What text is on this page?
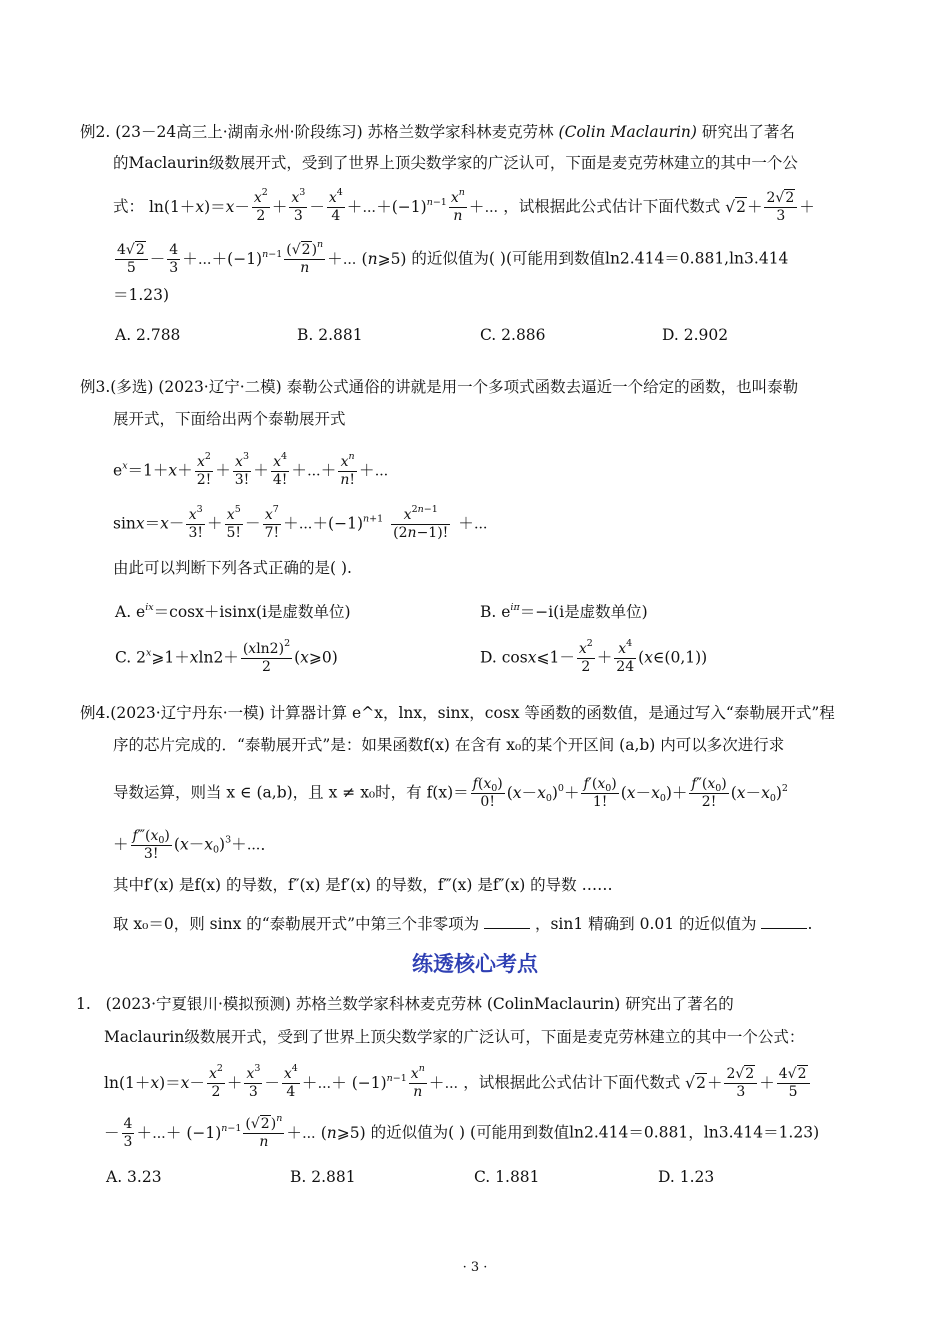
例2. (23－24高三上·湖南永州·阶段练习) 苏格兰数学家科林麦克劳林 (Colin Maclaurin) 研究出了著名
的Maclaurin级数展开式，受到了世界上顶尖数学家的广泛认可，下面是麦克劳林建立的其中一个公
式： $\ln(1+x)=x- \frac{x^2}{2} + \frac{x^3}{3} - \frac{x^4}{4}$ $+\cdots+(-1)^{n-1} \frac{x^n}{n}$ ＋⋯ ，试根据此公式估计下面代数式 $√2+ \frac{2√2}{3}$ ＋
$\frac{4√2}{5} - \frac{4}{3}$ $+\cdots+(-1)^{n-1} \frac{(√2)^n}{n}$ ＋⋯ (n⩾5) 的近似值为( )(可能用到数值ln2.414＝0.881,ln3.414
＝1.23)
A. 2.788	B. 2.881	C. 2.886	D. 2.902
例3.(多选) (2023·辽宁·二模) 泰勒公式通俗的讲就是用一个多项式函数去逼近一个给定的函数，也叫泰勒
展开式，下面给出两个泰勒展开式
$e^x=1+x+ \frac{x^2}{2!} + \frac{x^3}{3!} + \frac{x^4}{4!}$ ＋⋯＋ $\frac{x^n}{n!}$ ＋⋯
$\sin x=x- \frac{x^3}{3!} + \frac{x^5}{5!} - \frac{x^7}{7!}$ $+\cdots+(-1)^{n+1} \frac{x^{2n-1}}{(2n-1)!}$ ＋⋯
由此可以判断下列各式正确的是( ).
A. $e^{ix}=\cos x+isinx(i$是虚数单位)	B. $e^{i\pi}=-i(i$是虚数单位)
C. $2^x⩾1+xln2+ \frac{(xln2)^2}{2}$ (x⩾0)	D. cosx⩽1－ $\frac{x^2}{2} + \frac{x^4}{24}$ (x∈(0,1))
例4.(2023·辽宁丹东·一模) 计算器计算 e^x，lnx，sinx，cosx 等函数的函数值，是通过写入“泰勒展开式”程
序的芯片完成的．“泰勒展开式”是：如果函数f(x) 在含有 x₀的某个开区间 (a,b) 内可以多次进行求
导数运算，则当 x ∈ (a,b)，且 x ≠ x₀时，有 $f(x)= \frac{f(x_0)}{0!} (x-x_0)^0+ \frac{f'(x_0)}{1!} (x-x_0)+ \frac{f''(x_0)}{2!} (x-x_0)^2$
＋ $\frac{f‴(x_0)}{3!}$ $(x-x_0)^3+\cdots$．
其中f′(x) 是f(x) 的导数，f″(x) 是f′(x) 的导数，f‴(x) 是f″(x) 的导数 ……
取 x₀＝0，则 sinx 的“泰勒展开式”中第三个非零项为	，sin1 精确到 0.01 的近似值为	.
练透核心考点
1. (2023·宁夏银川·模拟预测) 苏格兰数学家科林麦克劳林 (ColinMaclaurin) 研究出了著名的
Maclaurin级数展开式，受到了世界上顶尖数学家的广泛认可，下面是麦克劳林建立的其中一个公式：
$\ln(1+x)=x- \frac{x^2}{2} + \frac{x^3}{3} - \frac{x^4}{4}$ ＋⋯＋ $(-1)^{n-1} \frac{x^n}{n}$ ＋⋯ ，试根据此公式估计下面代数式 $√2+ \frac{2√2}{3} + \frac{4√2}{5}$
－ $\frac{4}{3}$ ＋⋯＋ $(-1)^{n-1} \frac{(√2)^n}{n}$ ＋⋯ (n⩾5) 的近似值为( ) (可能用到数值ln2.414＝0.881，ln3.414＝1.23)
A. 3.23	B. 2.881	C. 1.881	D. 1.23
· 3 ·
